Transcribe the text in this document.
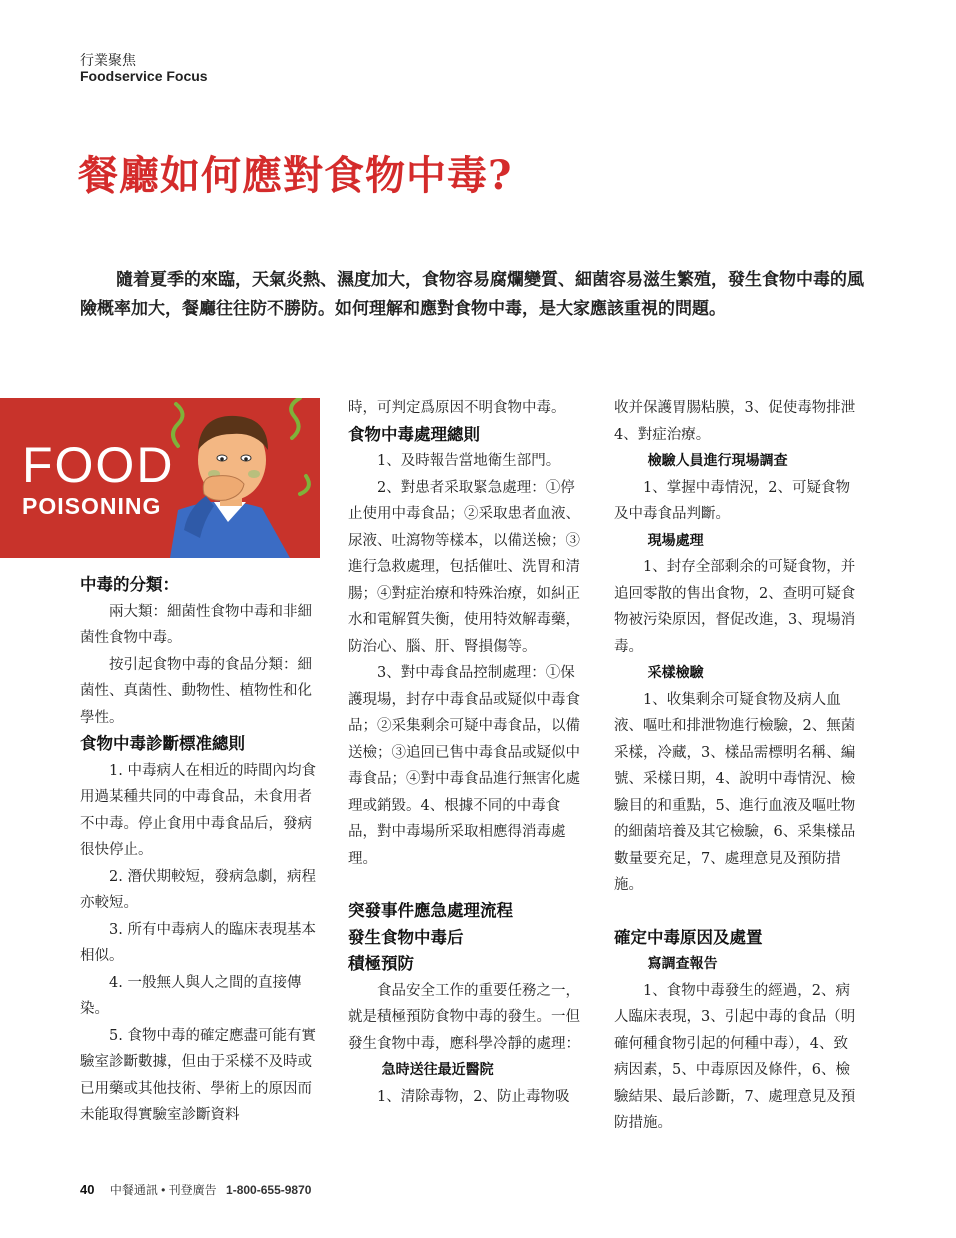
行業聚焦
Foodservice Focus
餐廳如何應對食物中毒?

隨着夏季的來臨，天氣炎熱、濕度加大，食物容易腐爛變質、細菌容易滋生繁殖，發生食物中毒的風險概率加大，餐廳往往防不勝防。如何理解和應對食物中毒，是大家應該重視的問題。

FOOD
POISONING
中毒的分類：

兩大類：細菌性食物中毒和非細菌性食物中毒。

按引起食物中毒的食品分類：細菌性、真菌性、動物性、植物性和化學性。

食物中毒診斷標准總則

1. 中毒病人在相近的時間內均食用過某種共同的中毒食品，未食用者不中毒。停止食用中毒食品后，發病很快停止。

2. 潛伏期較短，發病急劇，病程亦較短。

3. 所有中毒病人的臨床表現基本相似。

4. 一般無人與人之間的直接傳染。

5. 食物中毒的確定應盡可能有實驗室診斷數據，但由于采樣不及時或已用藥或其他技術、學術上的原因而未能取得實驗室診斷資料

時，可判定爲原因不明食物中毒。

食物中毒處理總則

1、及時報告當地衛生部門。

2、對患者采取緊急處理：①停止使用中毒食品；②采取患者血液、尿液、吐瀉物等樣本，以備送檢；③進行急救處理，包括催吐、洗胃和清腸；④對症治療和特殊治療，如糾正水和電解質失衡，使用特效解毒藥，防治心、腦、肝、腎損傷等。

3、對中毒食品控制處理：①保護現場，封存中毒食品或疑似中毒食品；②采集剩余可疑中毒食品，以備送檢；③追回已售中毒食品或疑似中毒食品；④對中毒食品進行無害化處理或銷毀。4、根據不同的中毒食品，對中毒場所采取相應得消毒處理。

突發事件應急處理流程
發生食物中毒后
積極預防

食品安全工作的重要任務之一，就是積極預防食物中毒的發生。一但發生食物中毒，應科學冷靜的處理：

急時送往最近醫院

1、清除毒物，2、防止毒物吸

收并保護胃腸粘膜，3、促使毒物排泄 4、對症治療。

檢驗人員進行現場調查

1、掌握中毒情況，2、可疑食物及中毒食品判斷。

現場處理

1、封存全部剩余的可疑食物，并追回零散的售出食物，2、查明可疑食物被污染原因，督促改進，3、現場消毒。

采樣檢驗

1、收集剩余可疑食物及病人血液、嘔吐和排泄物進行檢驗，2、無菌采樣，冷藏，3、樣品需標明名稱、編號、采樣日期，4、說明中毒情況、檢驗目的和重點，5、進行血液及嘔吐物的細菌培養及其它檢驗，6、采集樣品數量要充足，7、處理意見及預防措施。

確定中毒原因及處置
寫調查報告

1、食物中毒發生的經過，2、病人臨床表現，3、引起中毒的食品（明確何種食物引起的何種中毒），4、致病因素，5、中毒原因及條件，6、檢驗結果、最后診斷，7、處理意見及預防措施。

40 中餐通訊 • 刊登廣告 1-800-655-9870
